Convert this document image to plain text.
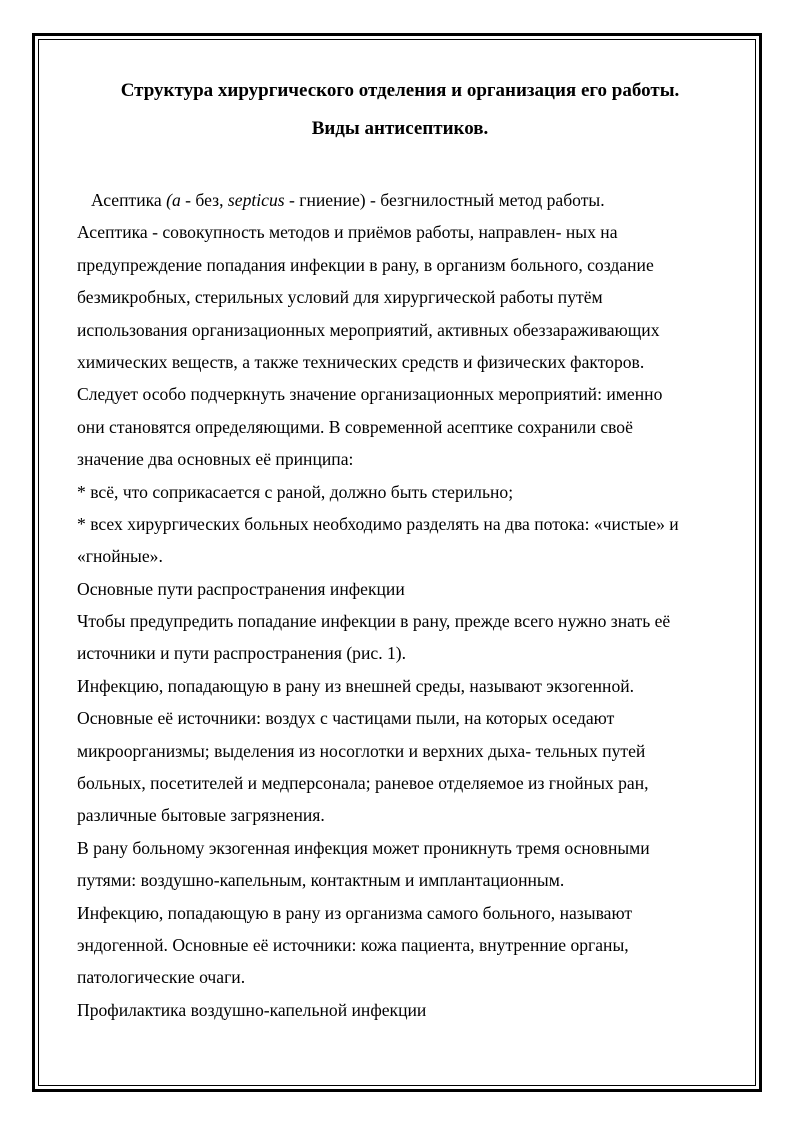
Структура хирургического отделения и организация его работы.
Виды антисептиков.
Асептика (а - без, septicus - гниение) - безгнилостный метод работы.
Асептика - совокупность методов и приёмов работы, направлен- ных на
предупреждение попадания инфекции в рану, в организм больного, создание
безмикробных, стерильных условий для хирургической работы путём
использования организационных мероприятий, активных обеззараживающих
химических веществ, а также технических средств и физических факторов.
Следует особо подчеркнуть значение организационных мероприятий: именно
они становятся определяющими. В современной асептике сохранили своё
значение два основных её принципа:
* всё, что соприкасается с раной, должно быть стерильно;
* всех хирургических больных необходимо разделять на два потока: «чистые» и
«гнойные».
Основные пути распространения инфекции
Чтобы предупредить попадание инфекции в рану, прежде всего нужно знать её
источники и пути распространения (рис. 1).
Инфекцию, попадающую в рану из внешней среды, называют экзогенной.
Основные её источники: воздух с частицами пыли, на которых оседают
микроорганизмы; выделения из носоглотки и верхних дыха- тельных путей
больных, посетителей и медперсонала; раневое отделяемое из гнойных ран,
различные бытовые загрязнения.
В рану больному экзогенная инфекция может проникнуть тремя основными
путями: воздушно-капельным, контактным и имплантационным.
Инфекцию, попадающую в рану из организма самого больного, называют
эндогенной. Основные её источники: кожа пациента, внутренние органы,
патологические очаги.
Профилактика воздушно-капельной инфекции
